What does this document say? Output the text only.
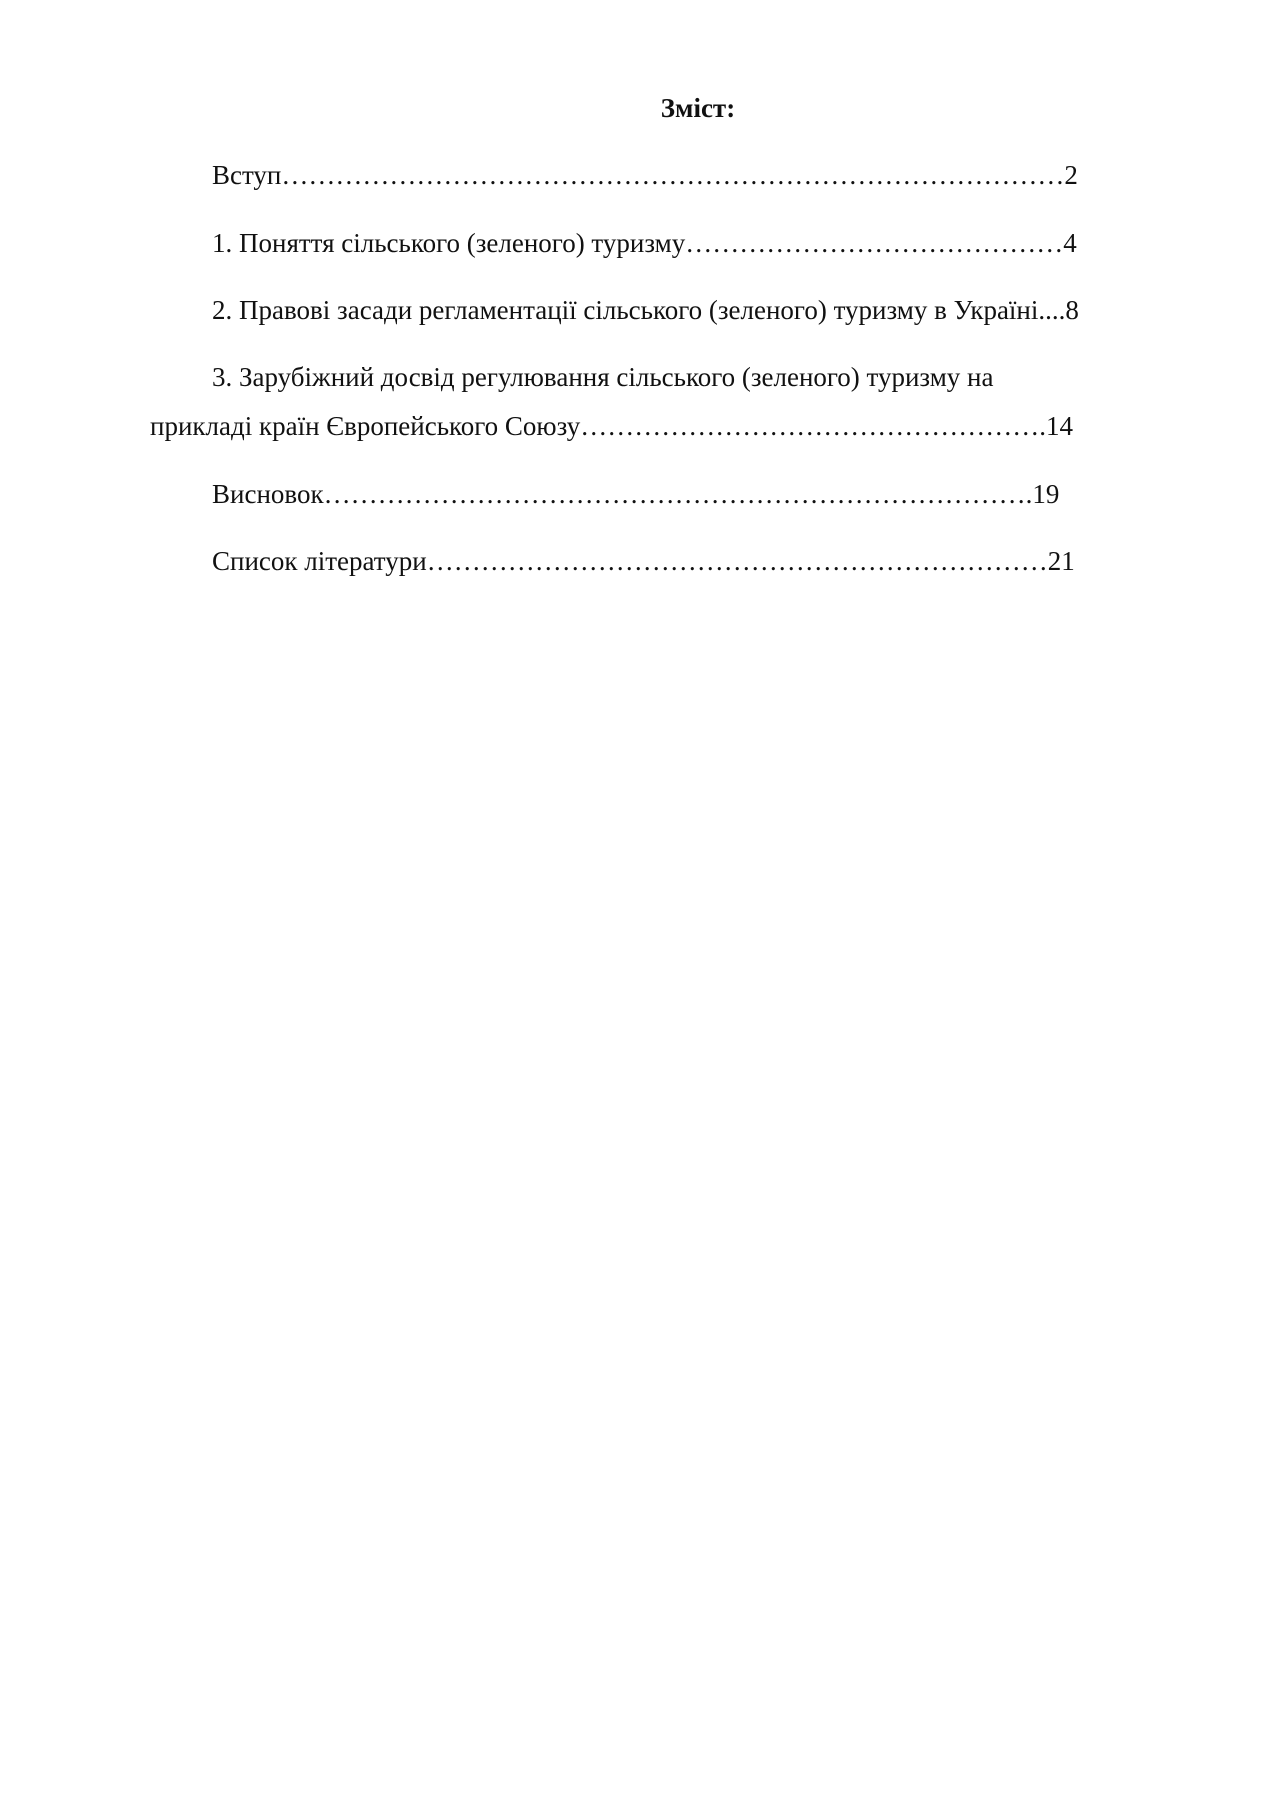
Зміст:

Вступ……………………………………………………………………………2

1. Поняття сільського (зеленого) туризму……………………………………4

2. Правові засади регламентації сільського (зеленого) туризму в Україні....8

3. Зарубіжний досвід регулювання сільського (зеленого) туризму на

прикладі країн Європейського Союзу…………………………………………….14

Висновок…………………………………………………………………….19

Список літератури……………………………………………………………21
